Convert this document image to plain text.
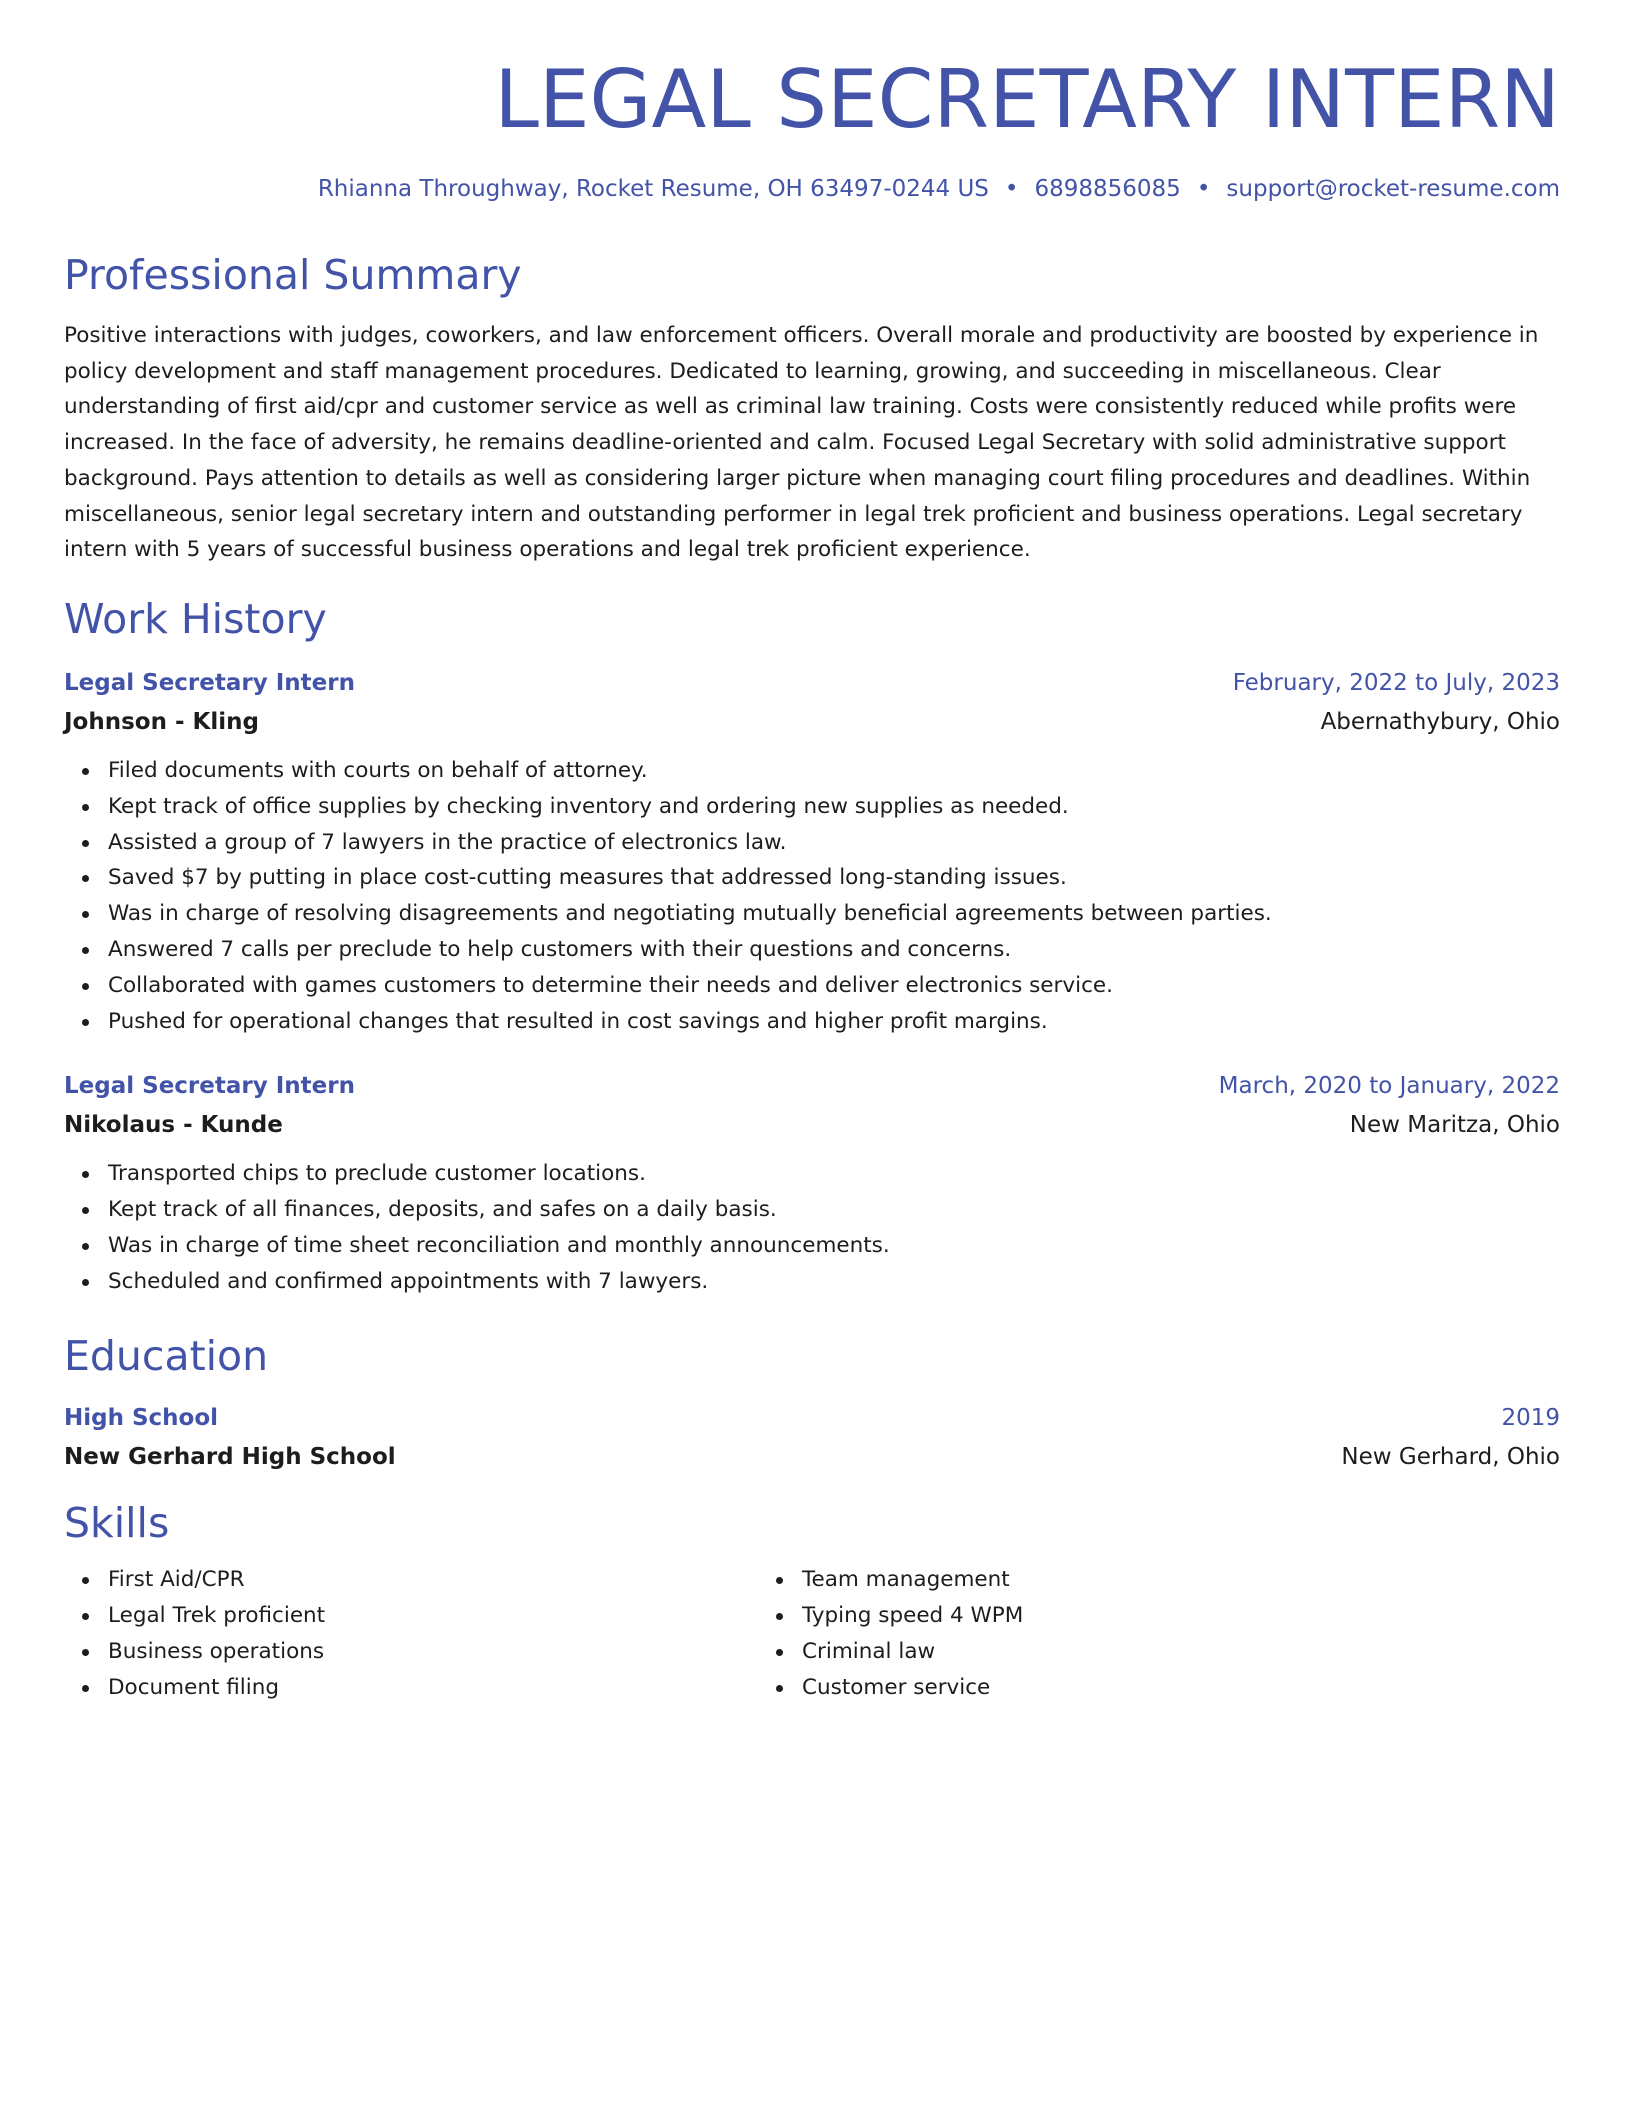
LEGAL SECRETARY INTERN
Rhianna Throughway, Rocket Resume, OH 63497-0244 US • 6898856085 • support@rocket-resume.com
Professional Summary
Positive interactions with judges, coworkers, and law enforcement officers. Overall morale and productivity are boosted by experience in policy development and staff management procedures. Dedicated to learning, growing, and succeeding in miscellaneous. Clear understanding of first aid/cpr and customer service as well as criminal law training. Costs were consistently reduced while profits were increased. In the face of adversity, he remains deadline-oriented and calm. Focused Legal Secretary with solid administrative support background. Pays attention to details as well as considering larger picture when managing court filing procedures and deadlines. Within miscellaneous, senior legal secretary intern and outstanding performer in legal trek proficient and business operations. Legal secretary intern with 5 years of successful business operations and legal trek proficient experience.
Work History
Legal Secretary Intern	February, 2022 to July, 2023
Johnson - Kling	Abernathybury, Ohio
Filed documents with courts on behalf of attorney.
Kept track of office supplies by checking inventory and ordering new supplies as needed.
Assisted a group of 7 lawyers in the practice of electronics law.
Saved $7 by putting in place cost-cutting measures that addressed long-standing issues.
Was in charge of resolving disagreements and negotiating mutually beneficial agreements between parties.
Answered 7 calls per preclude to help customers with their questions and concerns.
Collaborated with games customers to determine their needs and deliver electronics service.
Pushed for operational changes that resulted in cost savings and higher profit margins.
Legal Secretary Intern	March, 2020 to January, 2022
Nikolaus - Kunde	New Maritza, Ohio
Transported chips to preclude customer locations.
Kept track of all finances, deposits, and safes on a daily basis.
Was in charge of time sheet reconciliation and monthly announcements.
Scheduled and confirmed appointments with 7 lawyers.
Education
High School	2019
New Gerhard High School	New Gerhard, Ohio
Skills
First Aid/CPR
Legal Trek proficient
Business operations
Document filing
Team management
Typing speed 4 WPM
Criminal law
Customer service
